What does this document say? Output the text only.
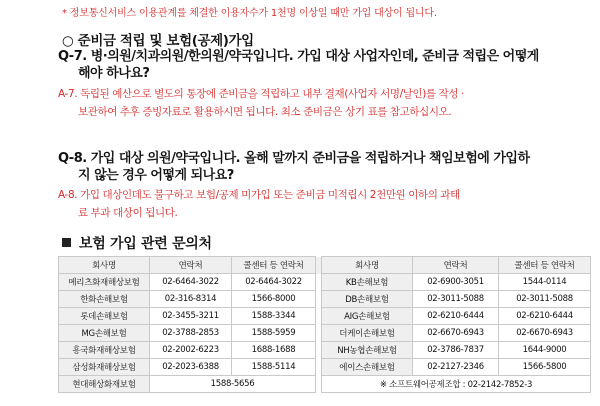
* 정보통신서비스 이용관계를 체결한 이용자수가 1천명 이상일 때만 가입 대상이 됩니다.
○ 준비금 적립 및 보험(공제)가입
Q-7. 병·의원/치과의원/한의원/약국입니다. 가입 대상 사업자인데, 준비금 적립은 어떻게
해야 하나요?
A-7. 독립된 예산으로 별도의 통장에 준비금을 적립하고 내부 결재(사업자 서명/날인)를 작성 ·
보관하여 추후 증빙자료로 활용하시면 됩니다. 최소 준비금은 상기 표를 참고하십시오.
Q-8. 가입 대상 의원/약국입니다. 올해 말까지 준비금을 적립하거나 책임보험에 가입하
지 않는 경우 어떻게 되나요?
A-8. 가입 대상인데도 불구하고 보험/공제 미가입 또는 준비금 미적립시 2천만원 이하의 과태
료 부과 대상이 됩니다.
보험 가입 관련 문의처
회사명	연락처	콜센터 등 연락처		회사명	연락처	콜센터 등 연락처
메리츠화재해상보험	02-6464-3022	02-6464-3022		KB손해보험	02-6900-3051	1544-0114
한화손해보험	02-316-8314	1566-8000		DB손해보험	02-3011-5088	02-3011-5088
롯데손해보험	02-3455-3211	1588-3344		AIG손해보험	02-6210-6444	02-6210-6444
MG손해보험	02-3788-2853	1588-5959		더케이손해보험	02-6670-6943	02-6670-6943
흥국화재해상보험	02-2002-6223	1688-1688		NH농협손해보험	02-3786-7837	1644-9000
삼성화재해상보험	02-2023-6388	1588-5114		에이스손해보험	02-2127-2346	1566-5800
현대해상화재보험	1588-5656			※ 소프트웨어공제조합 : 02-2142-7852-3		
